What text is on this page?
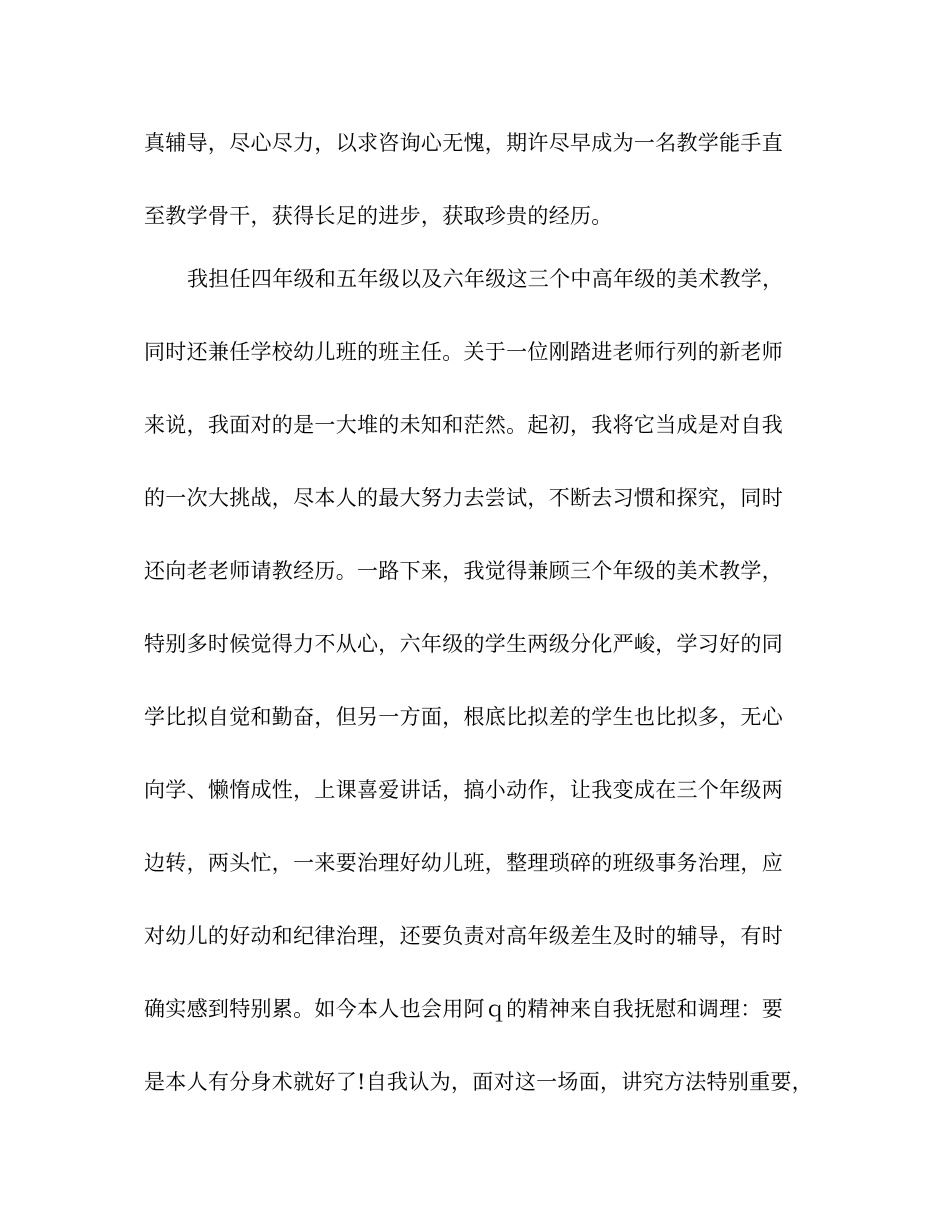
真辅导，尽心尽力，以求咨询心无愧，期许尽早成为一名教学能手直
至教学骨干，获得长足的进步，获取珍贵的经历。
我担任四年级和五年级以及六年级这三个中高年级的美术教学，
同时还兼任学校幼儿班的班主任。关于一位刚踏进老师行列的新老师
来说，我面对的是一大堆的未知和茫然。起初，我将它当成是对自我
的一次大挑战，尽本人的最大努力去尝试，不断去习惯和探究，同时
还向老老师请教经历。一路下来，我觉得兼顾三个年级的美术教学，
特别多时候觉得力不从心，六年级的学生两级分化严峻，学习好的同
学比拟自觉和勤奋，但另一方面，根底比拟差的学生也比拟多，无心
向学、懒惰成性，上课喜爱讲话，搞小动作，让我变成在三个年级两
边转，两头忙，一来要治理好幼儿班，整理琐碎的班级事务治理，应
对幼儿的好动和纪律治理，还要负责对高年级差生及时的辅导，有时
确实感到特别累。如今本人也会用阿ｑ的精神来自我抚慰和调理：要
是本人有分身术就好了!自我认为，面对这一场面，讲究方法特别重要，
